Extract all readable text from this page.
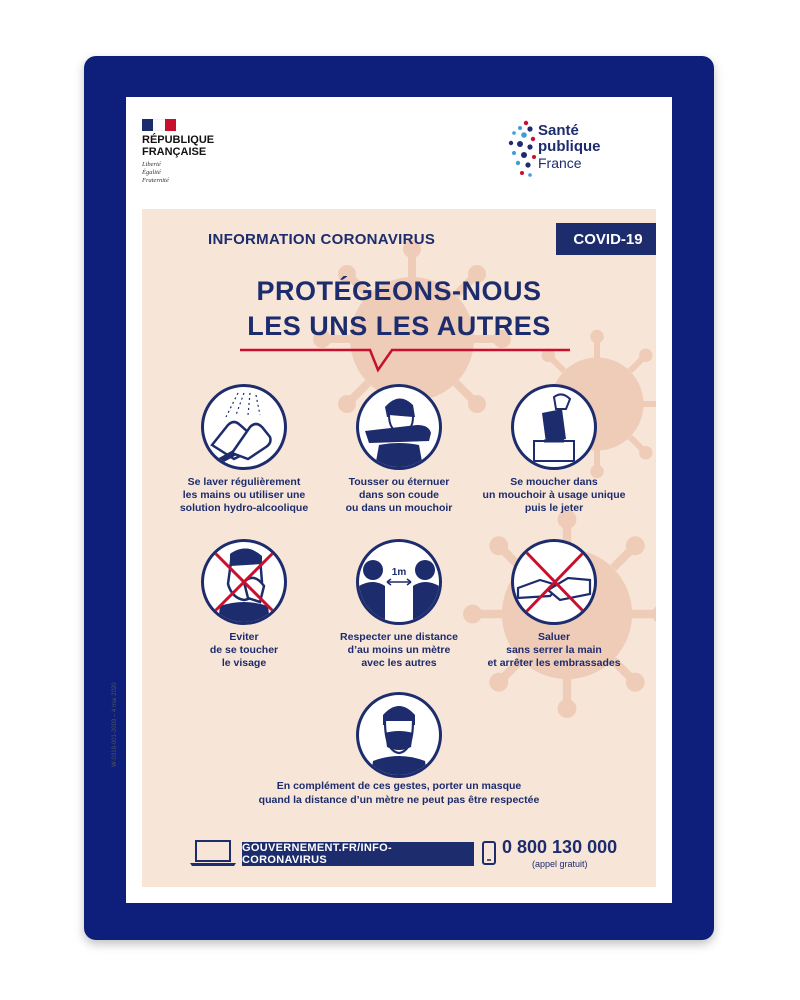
RÉPUBLIQUE
FRANÇAISE
Liberté
Égalité
Fraternité
Santé
publique
France
INFORMATION CORONAVIRUS	COVID-19
PROTÉGEONS-NOUS
LES UNS LES AUTRES
Se laver régulièrement
les mains ou utiliser une
solution hydro-alcoolique
Tousser ou éternuer
dans son coude
ou dans un mouchoir
Se moucher dans
un mouchoir à usage unique
puis le jeter
Eviter
de se toucher
le visage
1m
Respecter une distance
d’au moins un mètre
avec les autres
Saluer
sans serrer la main
et arrêter les embrassades
En complément de ces gestes, porter un masque
quand la distance d’un mètre ne peut pas être respectée
GOUVERNEMENT.FR/INFO-CORONAVIRUS
0 800 130 000
(appel gratuit)
W-0318-001-2003 – 4 mai 2020
